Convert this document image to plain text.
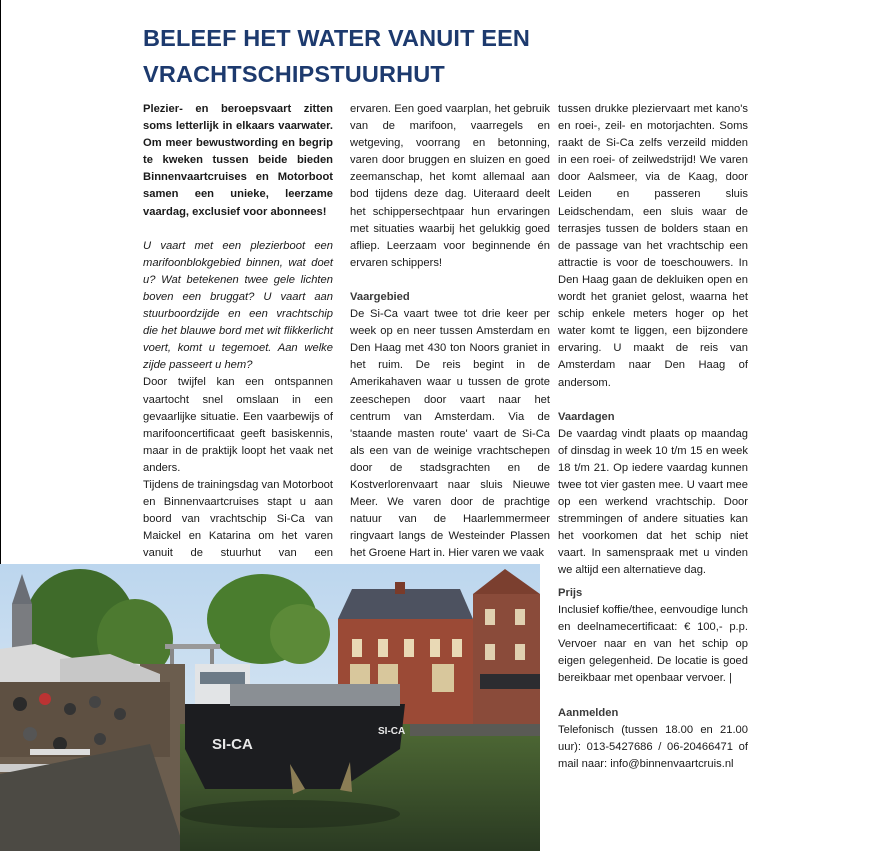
BELEEF HET WATER VANUIT EEN
VRACHTSCHIPSTUURHUT

Plezier- en beroepsvaart zitten soms letterlijk in elkaars vaarwater. Om meer bewustwording en begrip te kweken tussen beide bieden Binnenvaartcruises en Motorboot samen een unieke, leerzame vaardag, exclusief voor abonnees!

U vaart met een plezierboot een marifoonblokgebied binnen, wat doet u? Wat betekenen twee gele lichten boven een bruggat? U vaart aan stuurboordzijde en een vrachtschip die het blauwe bord met wit flikkerlicht voert, komt u tegemoet. Aan welke zijde passeert u hem?

Door twijfel kan een ontspannen vaartocht snel omslaan in een gevaarlijke situatie. Een vaarbewijs of marifooncertificaat geeft basiskennis, maar in de praktijk loopt het vaak net anders.

Tijdens de trainingsdag van Motorboot en Binnenvaartcruises stapt u aan boord van vrachtschip Si-Ca van Maickel en Katarina om het varen vanuit de stuurhut van een

ervaren. Een goed vaarplan, het gebruik van de marifoon, vaarregels en wetgeving, voorrang en betonning, varen door bruggen en sluizen en goed zeemanschap, het komt allemaal aan bod tijdens deze dag. Uiteraard deelt het schippersechtpaar hun ervaringen met situaties waarbij het gelukkig goed afliep. Leerzaam voor beginnende én ervaren schippers!

Vaargebied

De Si-Ca vaart twee tot drie keer per week op en neer tussen Amsterdam en Den Haag met 430 ton Noors graniet in het ruim. De reis begint in de Amerikahaven waar u tussen de grote zeeschepen door vaart naar het centrum van Amsterdam. Via de 'staande masten route' vaart de Si-Ca als een van de weinige vrachtschepen door de stadsgrachten en de Kostverlorenvaart naar sluis Nieuwe Meer. We varen door de prachtige natuur van de Haarlemmermeer ringvaart langs de Westeinder Plassen het Groene Hart in. Hier varen we vaak

tussen drukke pleziervaart met kano's en roei-, zeil- en motorjachten. Soms raakt de Si-Ca zelfs verzeild midden in een roei- of zeilwedstrijd! We varen door Aalsmeer, via de Kaag, door Leiden en passeren sluis Leidschendam, een sluis waar de terrasjes tussen de bolders staan en de passage van het vrachtschip een attractie is voor de toeschouwers. In Den Haag gaan de dekluiken open en wordt het graniet gelost, waarna het schip enkele meters hoger op het water komt te liggen, een bijzondere ervaring. U maakt de reis van Amsterdam naar Den Haag of andersom.

Vaardagen

De vaardag vindt plaats op maandag of dinsdag in week 10 t/m 15 en week 18 t/m 21. Op iedere vaardag kunnen twee tot vier gasten mee. U vaart mee op een werkend vrachtschip. Door stremmingen of andere situaties kan het voorkomen dat het schip niet vaart. In samenspraak met u vinden we altijd een alternatieve dag.

Prijs

Inclusief koffie/thee, eenvoudige lunch en deelnamecertificaat: € 100,- p.p. Vervoer naar en van het schip op eigen gelegenheid. De locatie is goed bereikbaar met openbaar vervoer. |

Aanmelden

Telefonisch (tussen 18.00 en 21.00 uur): 013-5427686 / 06-20466471 of mail naar: info@binnenvaartcruis.nl

SI-CA
SI-CA
